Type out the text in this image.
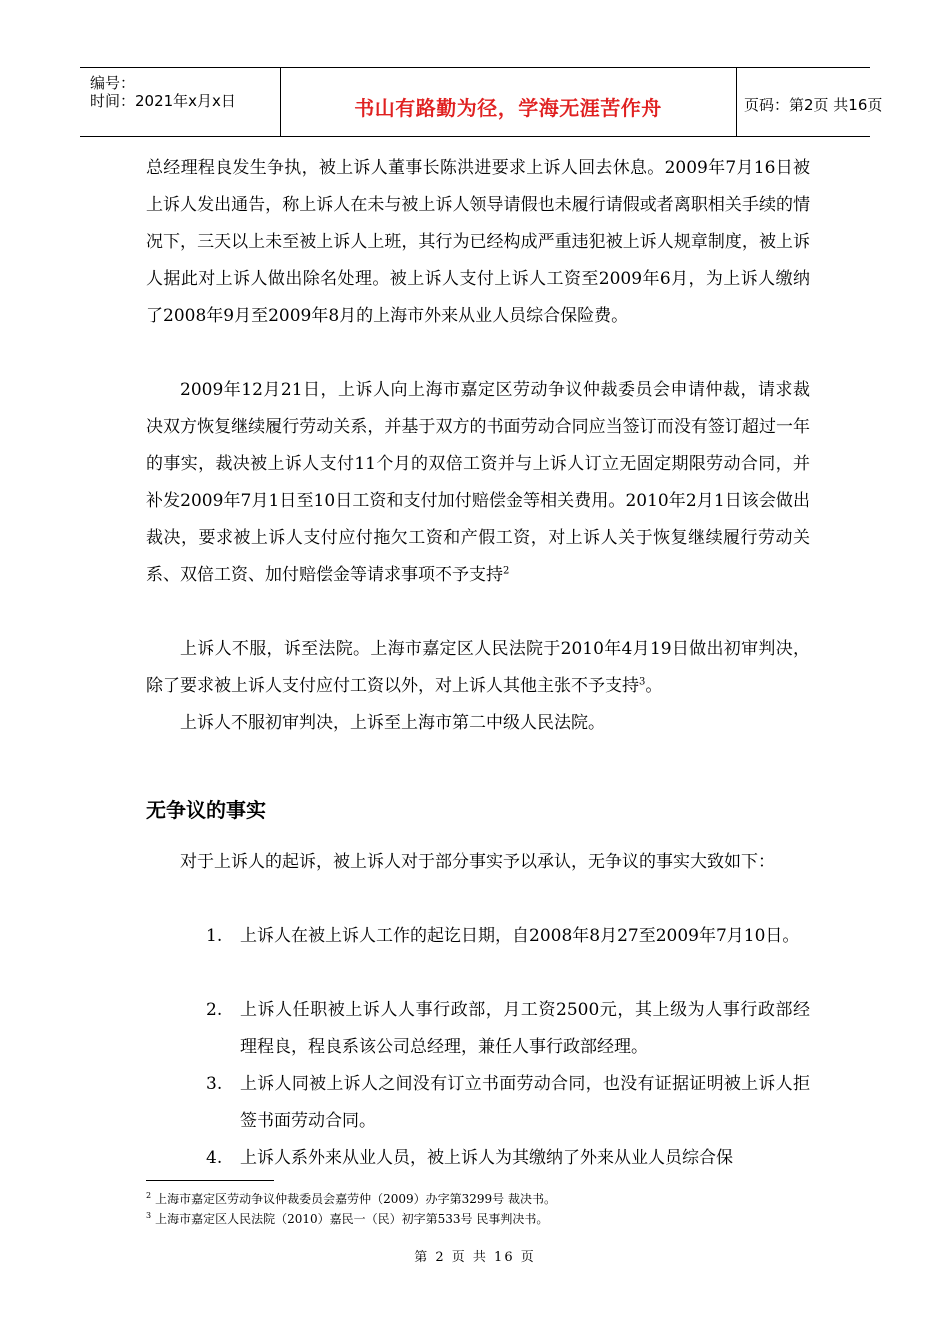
编号：
时间：2021年x月x日	书山有路勤为径，学海无涯苦作舟	页码：第2页 共16页

总经理程良发生争执，被上诉人董事长陈洪进要求上诉人回去休息。2009年7月16日被上诉人发出通告，称上诉人在未与被上诉人领导请假也未履行请假或者离职相关手续的情况下，三天以上未至被上诉人上班，其行为已经构成严重违犯被上诉人规章制度，被上诉人据此对上诉人做出除名处理。被上诉人支付上诉人工资至2009年6月，为上诉人缴纳了2008年9月至2009年8月的上海市外来从业人员综合保险费。

2009年12月21日，上诉人向上海市嘉定区劳动争议仲裁委员会申请仲裁，请求裁决双方恢复继续履行劳动关系，并基于双方的书面劳动合同应当签订而没有签订超过一年的事实，裁决被上诉人支付11个月的双倍工资并与上诉人订立无固定期限劳动合同，并补发2009年7月1日至10日工资和支付加付赔偿金等相关费用。2010年2月1日该会做出裁决，要求被上诉人支付应付拖欠工资和产假工资，对上诉人关于恢复继续履行劳动关系、双倍工资、加付赔偿金等请求事项不予支持$^2$

上诉人不服，诉至法院。上海市嘉定区人民法院于2010年4月19日做出初审判决，除了要求被上诉人支付应付工资以外，对上诉人其他主张不予支持$^3$。

上诉人不服初审判决，上诉至上海市第二中级人民法院。

无争议的事实

对于上诉人的起诉，被上诉人对于部分事实予以承认，无争议的事实大致如下：

1.	上诉人在被上诉人工作的起讫日期，自2008年8月27至2009年7月10日。
2.	上诉人任职被上诉人人事行政部，月工资2500元，其上级为人事行政部经理程良，程良系该公司总经理，兼任人事行政部经理。
3.	上诉人同被上诉人之间没有订立书面劳动合同，也没有证据证明被上诉人拒签书面劳动合同。
4.	上诉人系外来从业人员，被上诉人为其缴纳了外来从业人员综合保
$^2$ 上海市嘉定区劳动争议仲裁委员会嘉劳仲（2009）办字第3299号 裁决书。
$^3$ 上海市嘉定区人民法院（2010）嘉民一（民）初字第533号 民事判决书。
第 2 页 共 16 页
